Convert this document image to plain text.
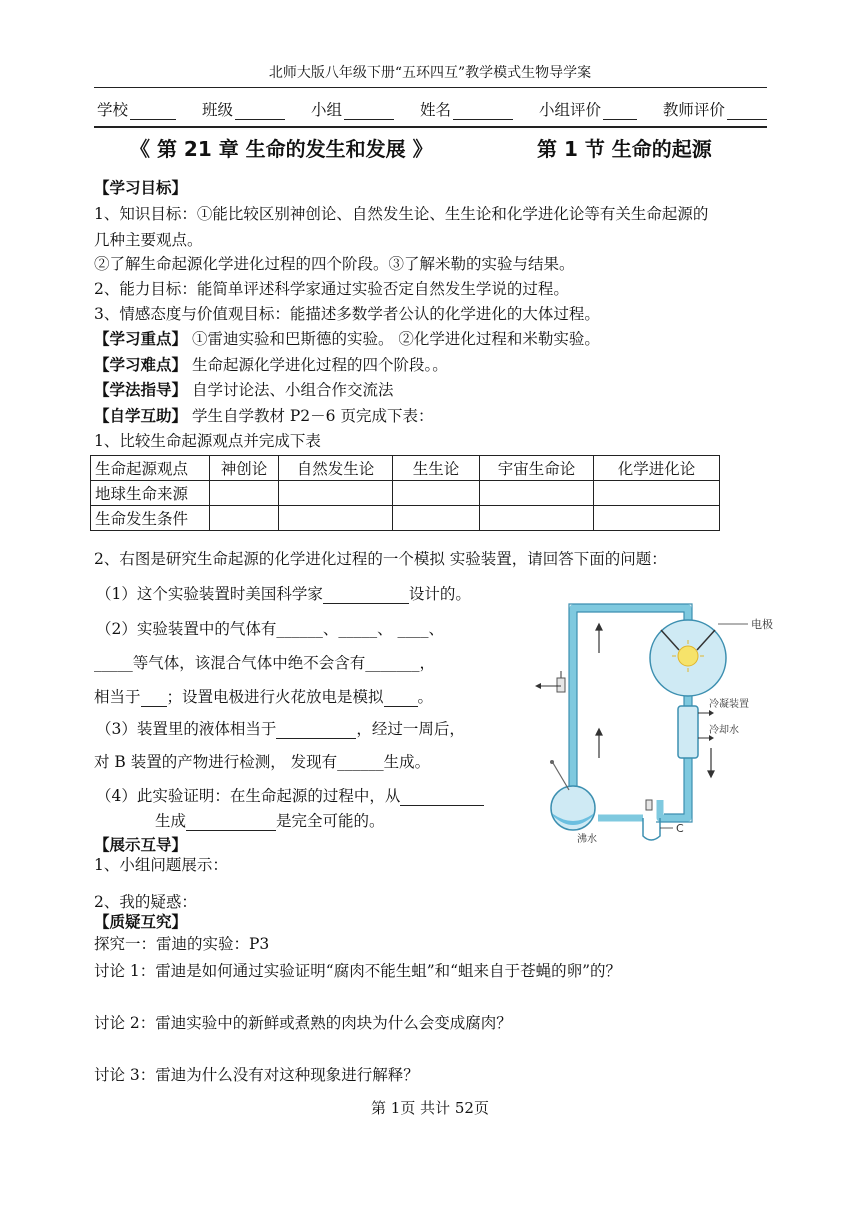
北师大版八年级下册“五环四互”教学模式生物导学案
学校	班级	小组	姓名	小组评价	教师评价
《 第 21 章 生命的发生和发展 》	第 1 节 生命的起源
【学习目标】
1、知识目标：①能比较区别神创论、自然发生论、生生论和化学进化论等有关生命起源的
几种主要观点。
②了解生命起源化学进化过程的四个阶段。③了解米勒的实验与结果。
2、能力目标：能简单评述科学家通过实验否定自然发生学说的过程。
3、情感态度与价值观目标：能描述多数学者公认的化学进化的大体过程。
【学习重点】 ①雷迪实验和巴斯德的实验。 ②化学进化过程和米勒实验。
【学习难点】 生命起源化学进化过程的四个阶段。。
【学法指导】 自学讨论法、小组合作交流法
【自学互助】 学生自学教材 P2－6 页完成下表：
1、比较生命起源观点并完成下表
生命起源观点	神创论	自然发生论	生生论	宇宙生命论	化学进化论
地球生命来源					
生命发生条件					
2、右图是研究生命起源的化学进化过程的一个模拟 实验装置，请回答下面的问题：
（1）这个实验装置时美国科学家	设计的。
（2）实验装置中的气体有______、_____、 ____、
_____等气体，该混合气体中绝不会含有_______，
相当于 ；设置电极进行火花放电是模拟 。
（3）装置里的液体相当于	，经过一周后，
对 B 装置的产物进行检测， 发现有______生成。
（4）此实验证明：在生命起源的过程中，从
生成	是完全可能的。
电极
冷凝装置
冷却水
沸水
C
【展示互导】
1、小组问题展示：
2、我的疑惑：
【质疑互究】
探究一：雷迪的实验：P3
讨论 1：雷迪是如何通过实验证明“腐肉不能生蛆”和“蛆来自于苍蝇的卵”的？
讨论 2：雷迪实验中的新鲜或煮熟的肉块为什么会变成腐肉？
讨论 3：雷迪为什么没有对这种现象进行解释？
第 1页 共计 52页
